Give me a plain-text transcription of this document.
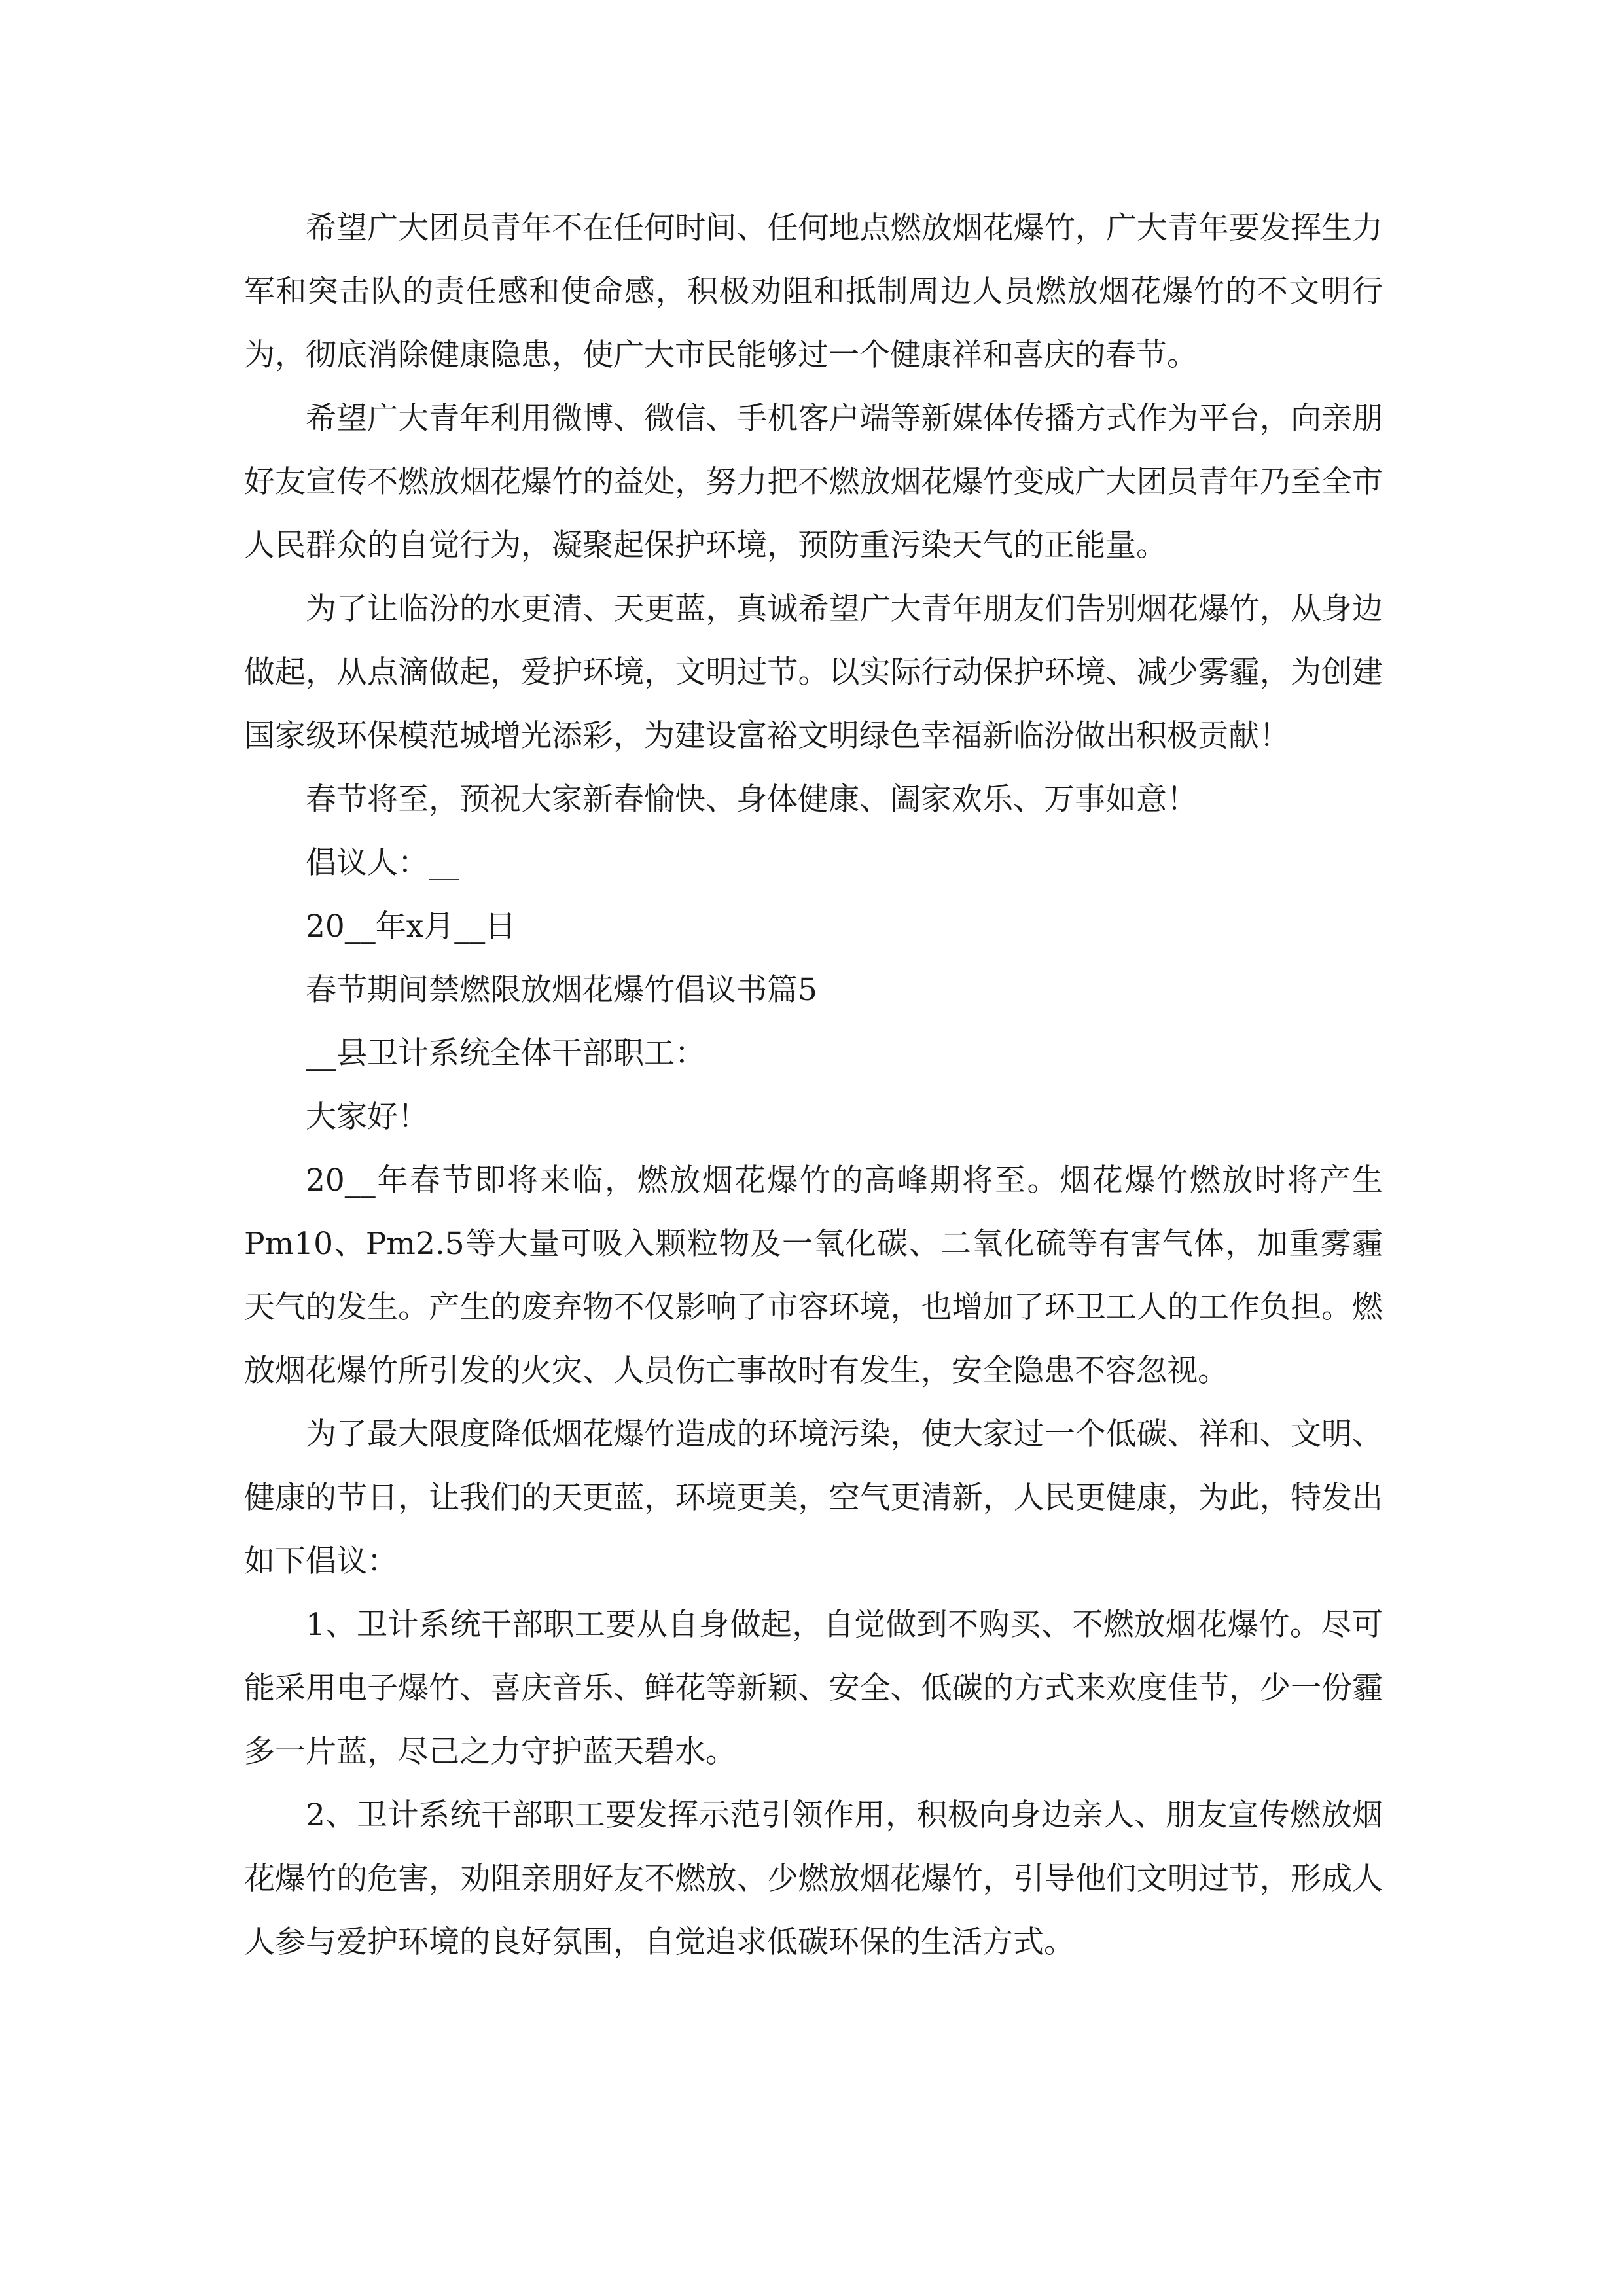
希望广大团员青年不在任何时间、任何地点燃放烟花爆竹，广大青年要发挥生力军和突击队的责任感和使命感，积极劝阻和抵制周边人员燃放烟花爆竹的不文明行为，彻底消除健康隐患，使广大市民能够过一个健康祥和喜庆的春节。

希望广大青年利用微博、微信、手机客户端等新媒体传播方式作为平台，向亲朋好友宣传不燃放烟花爆竹的益处，努力把不燃放烟花爆竹变成广大团员青年乃至全市人民群众的自觉行为，凝聚起保护环境，预防重污染天气的正能量。

为了让临汾的水更清、天更蓝，真诚希望广大青年朋友们告别烟花爆竹，从身边做起，从点滴做起，爱护环境，文明过节。以实际行动保护环境、减少雾霾，为创建国家级环保模范城增光添彩，为建设富裕文明绿色幸福新临汾做出积极贡献！

春节将至，预祝大家新春愉快、身体健康、阖家欢乐、万事如意！

倡议人：__

20__年x月__日

春节期间禁燃限放烟花爆竹倡议书篇5

__县卫计系统全体干部职工：

大家好！

20__年春节即将来临，燃放烟花爆竹的高峰期将至。烟花爆竹燃放时将产生Pm10、Pm2.5等大量可吸入颗粒物及一氧化碳、二氧化硫等有害气体，加重雾霾天气的发生。产生的废弃物不仅影响了市容环境，也增加了环卫工人的工作负担。燃放烟花爆竹所引发的火灾、人员伤亡事故时有发生，安全隐患不容忽视。

为了最大限度降低烟花爆竹造成的环境污染，使大家过一个低碳、祥和、文明、健康的节日，让我们的天更蓝，环境更美，空气更清新，人民更健康，为此，特发出如下倡议：

1、卫计系统干部职工要从自身做起，自觉做到不购买、不燃放烟花爆竹。尽可能采用电子爆竹、喜庆音乐、鲜花等新颖、安全、低碳的方式来欢度佳节，少一份霾多一片蓝，尽己之力守护蓝天碧水。

2、卫计系统干部职工要发挥示范引领作用，积极向身边亲人、朋友宣传燃放烟花爆竹的危害，劝阻亲朋好友不燃放、少燃放烟花爆竹，引导他们文明过节，形成人人参与爱护环境的良好氛围，自觉追求低碳环保的生活方式。
